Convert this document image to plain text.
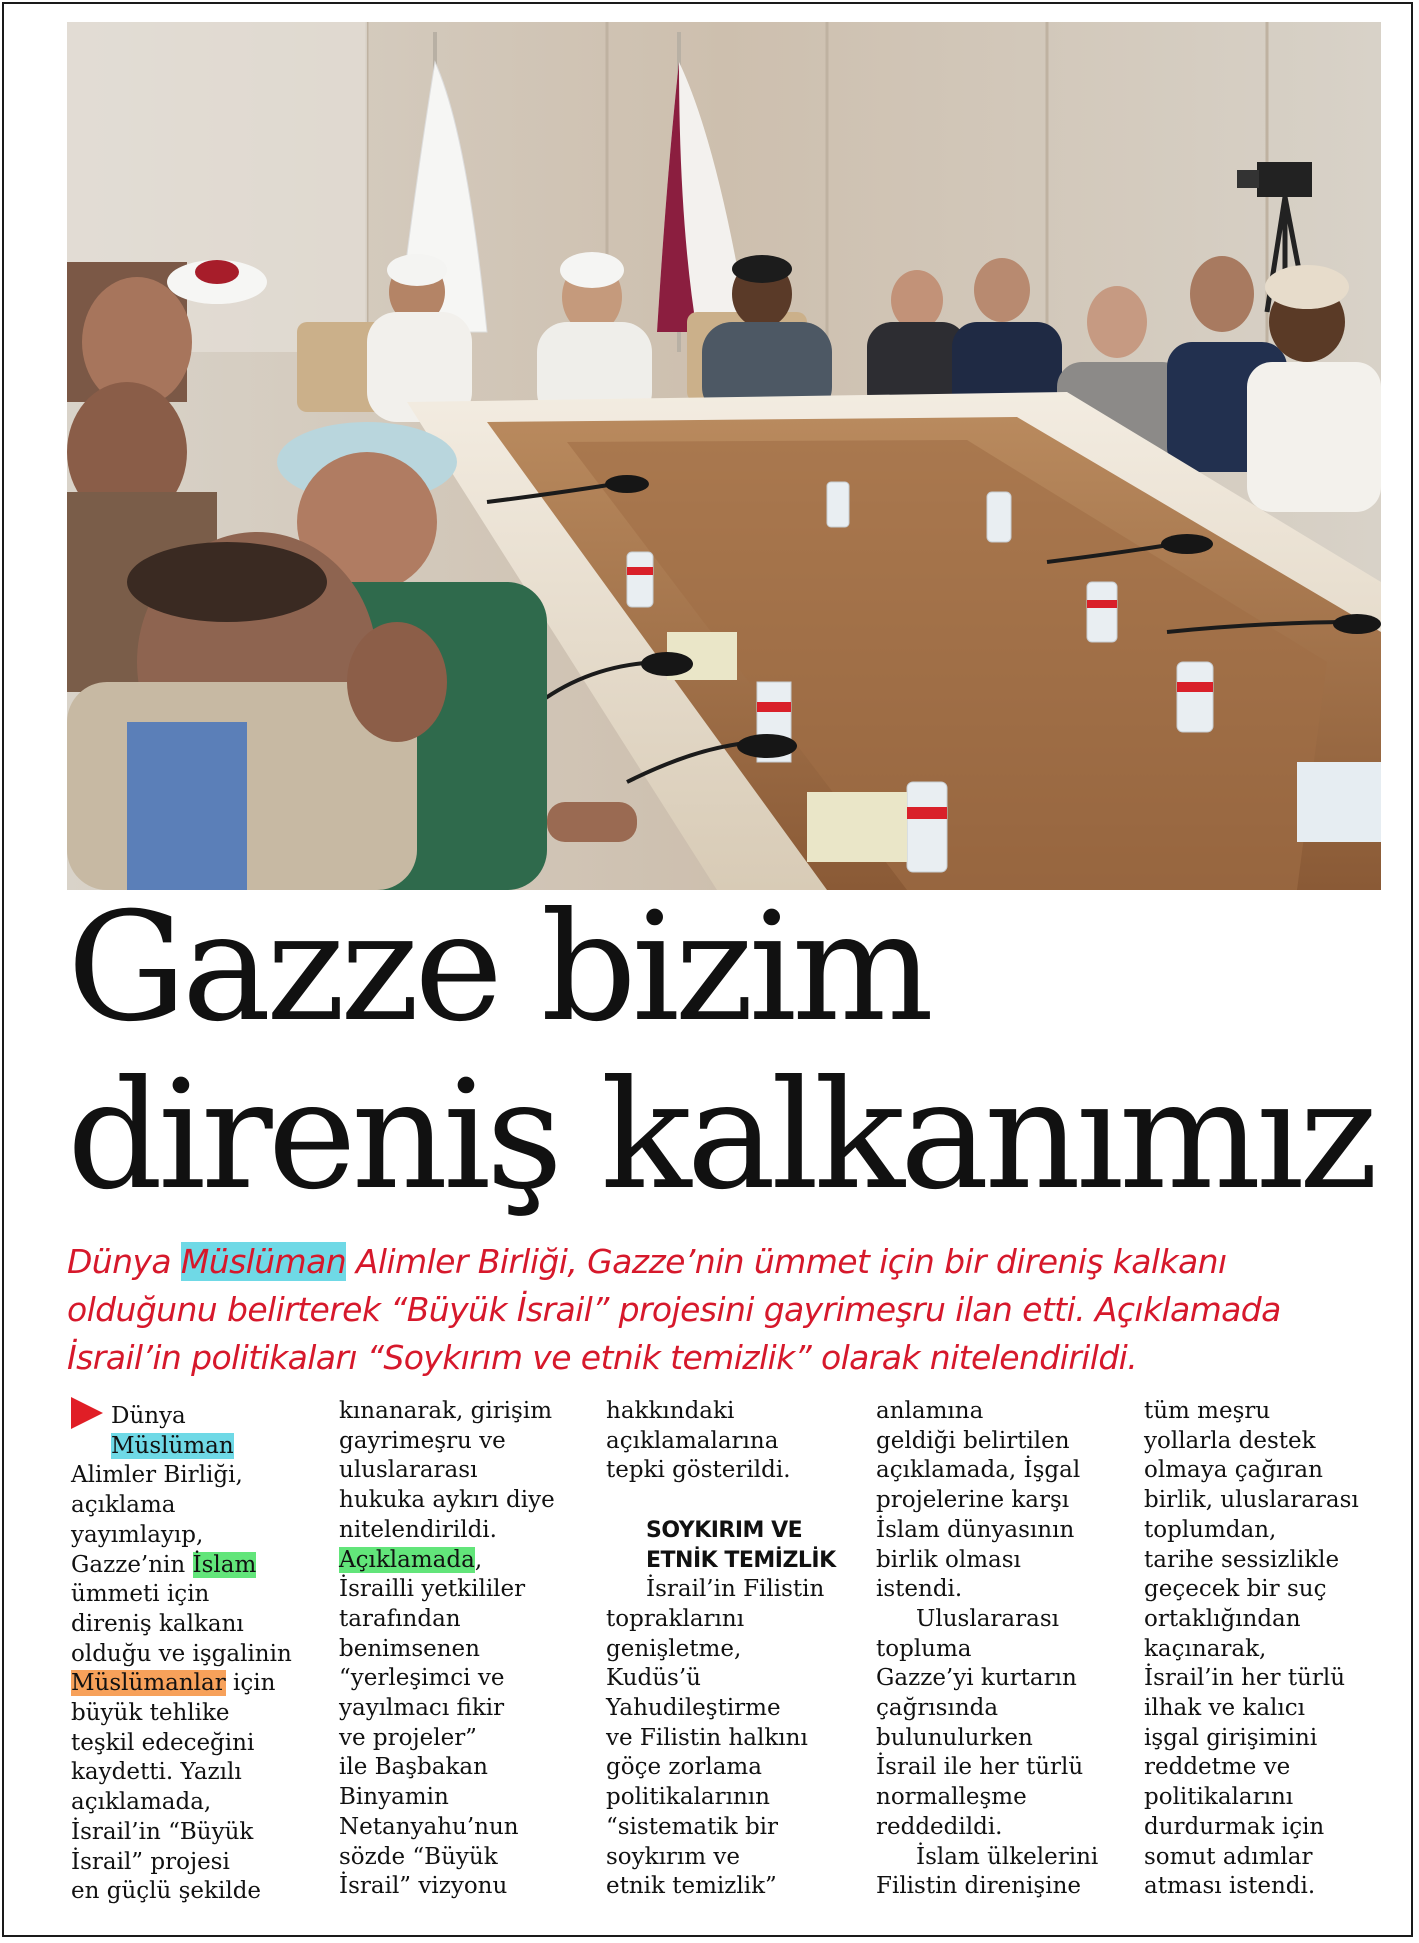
Gazze bizim
direniş kalkanımız

Dünya Müslüman Alimler Birliği, Gazze’nin ümmet için bir direniş kalkanı
olduğunu belirterek “Büyük İsrail” projesini gayrimeşru ilan etti. Açıklamada
İsrail’in politikaları “Soykırım ve etnik temizlik” olarak nitelendirildi.

Dünya
Müslüman
Alimler Birliği,
açıklama
yayımlayıp,
Gazze’nin İslam
ümmeti için
direniş kalkanı
olduğu ve işgalinin
Müslümanlar için
büyük tehlike
teşkil edeceğini
kaydetti. Yazılı
açıklamada,
İsrail’in “Büyük
İsrail” projesi
en güçlü şekilde
kınanarak, girişim
gayrimeşru ve
uluslararası
hukuka aykırı diye
nitelendirildi.
Açıklamada,
İsrailli yetkililer
tarafından
benimsenen
“yerleşimci ve
yayılmacı fikir
ve projeler”
ile Başbakan
Binyamin
Netanyahu’nun
sözde “Büyük
İsrail” vizyonu
hakkındaki
açıklamalarına
tepki gösterildi.
SOYKIRIM VE
ETNİK TEMİZLİK
İsrail’in Filistin
topraklarını
genişletme,
Kudüs’ü
Yahudileştirme
ve Filistin halkını
göçe zorlama
politikalarının
“sistematik bir
soykırım ve
etnik temizlik”
anlamına
geldiği belirtilen
açıklamada, İşgal
projelerine karşı
İslam dünyasının
birlik olması
istendi.
Uluslararası
topluma
Gazze’yi kurtarın
çağrısında
bulunulurken
İsrail ile her türlü
normalleşme
reddedildi.
İslam ülkelerini
Filistin direnişine
tüm meşru
yollarla destek
olmaya çağıran
birlik, uluslararası
toplumdan,
tarihe sessizlikle
geçecek bir suç
ortaklığından
kaçınarak,
İsrail’in her türlü
ilhak ve kalıcı
işgal girişimini
reddetme ve
politikalarını
durdurmak için
somut adımlar
atması istendi.
